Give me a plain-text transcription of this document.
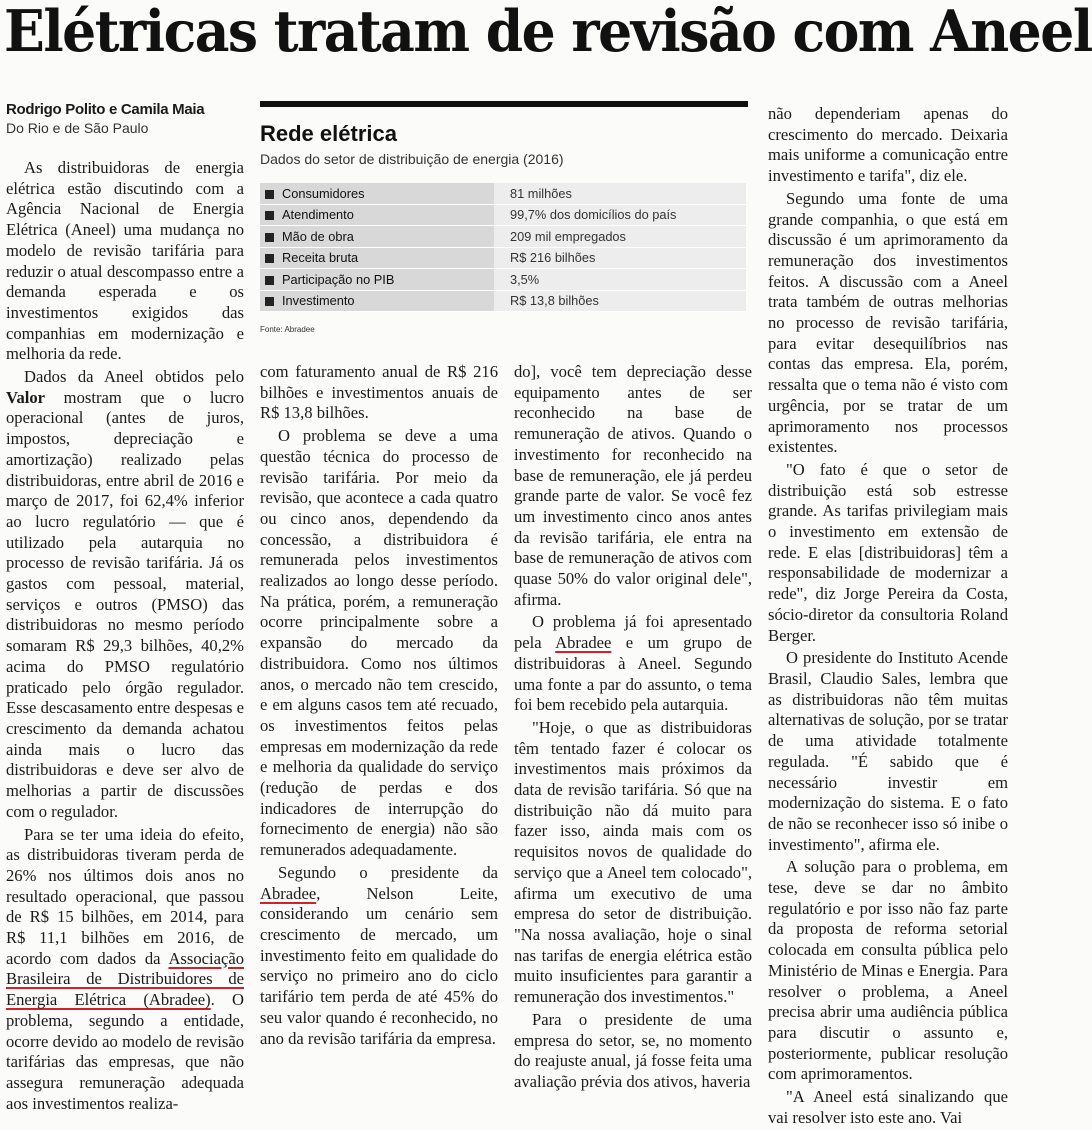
Elétricas tratam de revisão com Aneel
Rodrigo Polito e Camila Maia
Do Rio e de São Paulo	Rede elétrica
Dados do setor de distribuição de energia (2016)
Consumidores	81 milhões
Atendimento	99,7% dos domicílios do país
Mão de obra	209 mil empregados
Receita bruta	R$ 216 bilhões
Participação no PIB	3,5%
Investimento	R$ 13,8 bilhões
Fonte: Abradee

As distribuidoras de energia elétrica estão discutindo com a Agência Nacional de Energia Elétrica (Aneel) uma mudança no modelo de revisão tarifária para reduzir o atual descompasso entre a demanda esperada e os investimentos exigidos das companhias em modernização e melhoria da rede.

Dados da Aneel obtidos pelo Valor mostram que o lucro operacional (antes de juros, impostos, depreciação e amortização) realizado pelas distribuidoras, entre abril de 2016 e março de 2017, foi 62,4% inferior ao lucro regulatório — que é utilizado pela autarquia no processo de revisão tarifária. Já os gastos com pessoal, material, serviços e outros (PMSO) das distribuidoras no mesmo período somaram R$ 29,3 bilhões, 40,2% acima do PMSO regulatório praticado pelo órgão regulador. Esse descasamento entre despesas e crescimento da demanda achatou ainda mais o lucro das distribuidoras e deve ser alvo de melhorias a partir de discussões com o regulador.

Para se ter uma ideia do efeito, as distribuidoras tiveram perda de 26% nos últimos dois anos no resultado operacional, que passou de R$ 15 bilhões, em 2014, para R$ 11,1 bilhões em 2016, de acordo com dados da Associação Brasileira de Distribuidores de Energia Elétrica (Abradee). O problema, segundo a entidade, ocorre devido ao modelo de revisão tarifárias das empresas, que não assegura remuneração adequada aos investimentos realiza-

com faturamento anual de R$ 216 bilhões e investimentos anuais de R$ 13,8 bilhões.

O problema se deve a uma questão técnica do processo de revisão tarifária. Por meio da revisão, que acontece a cada quatro ou cinco anos, dependendo da concessão, a distribuidora é remunerada pelos investimentos realizados ao longo desse período. Na prática, porém, a remuneração ocorre principalmente sobre a expansão do mercado da distribuidora. Como nos últimos anos, o mercado não tem crescido, e em alguns casos tem até recuado, os investimentos feitos pelas empresas em modernização da rede e melhoria da qualidade do serviço (redução de perdas e dos indicadores de interrupção do fornecimento de energia) não são remunerados adequadamente.

Segundo o presidente da Abradee, Nelson Leite, considerando um cenário sem crescimento de mercado, um investimento feito em qualidade do serviço no primeiro ano do ciclo tarifário tem perda de até 45% do seu valor quando é reconhecido, no ano da revisão tarifária da empresa.

do], você tem depreciação desse equipamento antes de ser reconhecido na base de remuneração de ativos. Quando o investimento for reconhecido na base de remuneração, ele já perdeu grande parte de valor. Se você fez um investimento cinco anos antes da revisão tarifária, ele entra na base de remuneração de ativos com quase 50% do valor original dele", afirma.

O problema já foi apresentado pela Abradee e um grupo de distribuidoras à Aneel. Segundo uma fonte a par do assunto, o tema foi bem recebido pela autarquia.

"Hoje, o que as distribuidoras têm tentado fazer é colocar os investimentos mais próximos da data de revisão tarifária. Só que na distribuição não dá muito para fazer isso, ainda mais com os requisitos novos de qualidade do serviço que a Aneel tem colocado", afirma um executivo de uma empresa do setor de distribuição. "Na nossa avaliação, hoje o sinal nas tarifas de energia elétrica estão muito insuficientes para garantir a remuneração dos investimentos."

Para o presidente de uma empresa do setor, se, no momento do reajuste anual, já fosse feita uma avaliação prévia dos ativos, haveria

não dependeriam apenas do crescimento do mercado. Deixaria mais uniforme a comunicação entre investimento e tarifa", diz ele.

Segundo uma fonte de uma grande companhia, o que está em discussão é um aprimoramento da remuneração dos investimentos feitos. A discussão com a Aneel trata também de outras melhorias no processo de revisão tarifária, para evitar desequilíbrios nas contas das empresa. Ela, porém, ressalta que o tema não é visto com urgência, por se tratar de um aprimoramento nos processos existentes.

"O fato é que o setor de distribuição está sob estresse grande. As tarifas privilegiam mais o investimento em extensão de rede. E elas [distribuidoras] têm a responsabilidade de modernizar a rede", diz Jorge Pereira da Costa, sócio-diretor da consultoria Roland Berger.

O presidente do Instituto Acende Brasil, Claudio Sales, lembra que as distribuidoras não têm muitas alternativas de solução, por se tratar de uma atividade totalmente regulada. "É sabido que é necessário investir em modernização do sistema. E o fato de não se reconhecer isso só inibe o investimento", afirma ele.

A solução para o problema, em tese, deve se dar no âmbito regulatório e por isso não faz parte da proposta de reforma setorial colocada em consulta pública pelo Ministério de Minas e Energia. Para resolver o problema, a Aneel precisa abrir uma audiência pública para discutir o assunto e, posteriormente, publicar resolução com aprimoramentos.

"A Aneel está sinalizando que vai resolver isto este ano. Vai
